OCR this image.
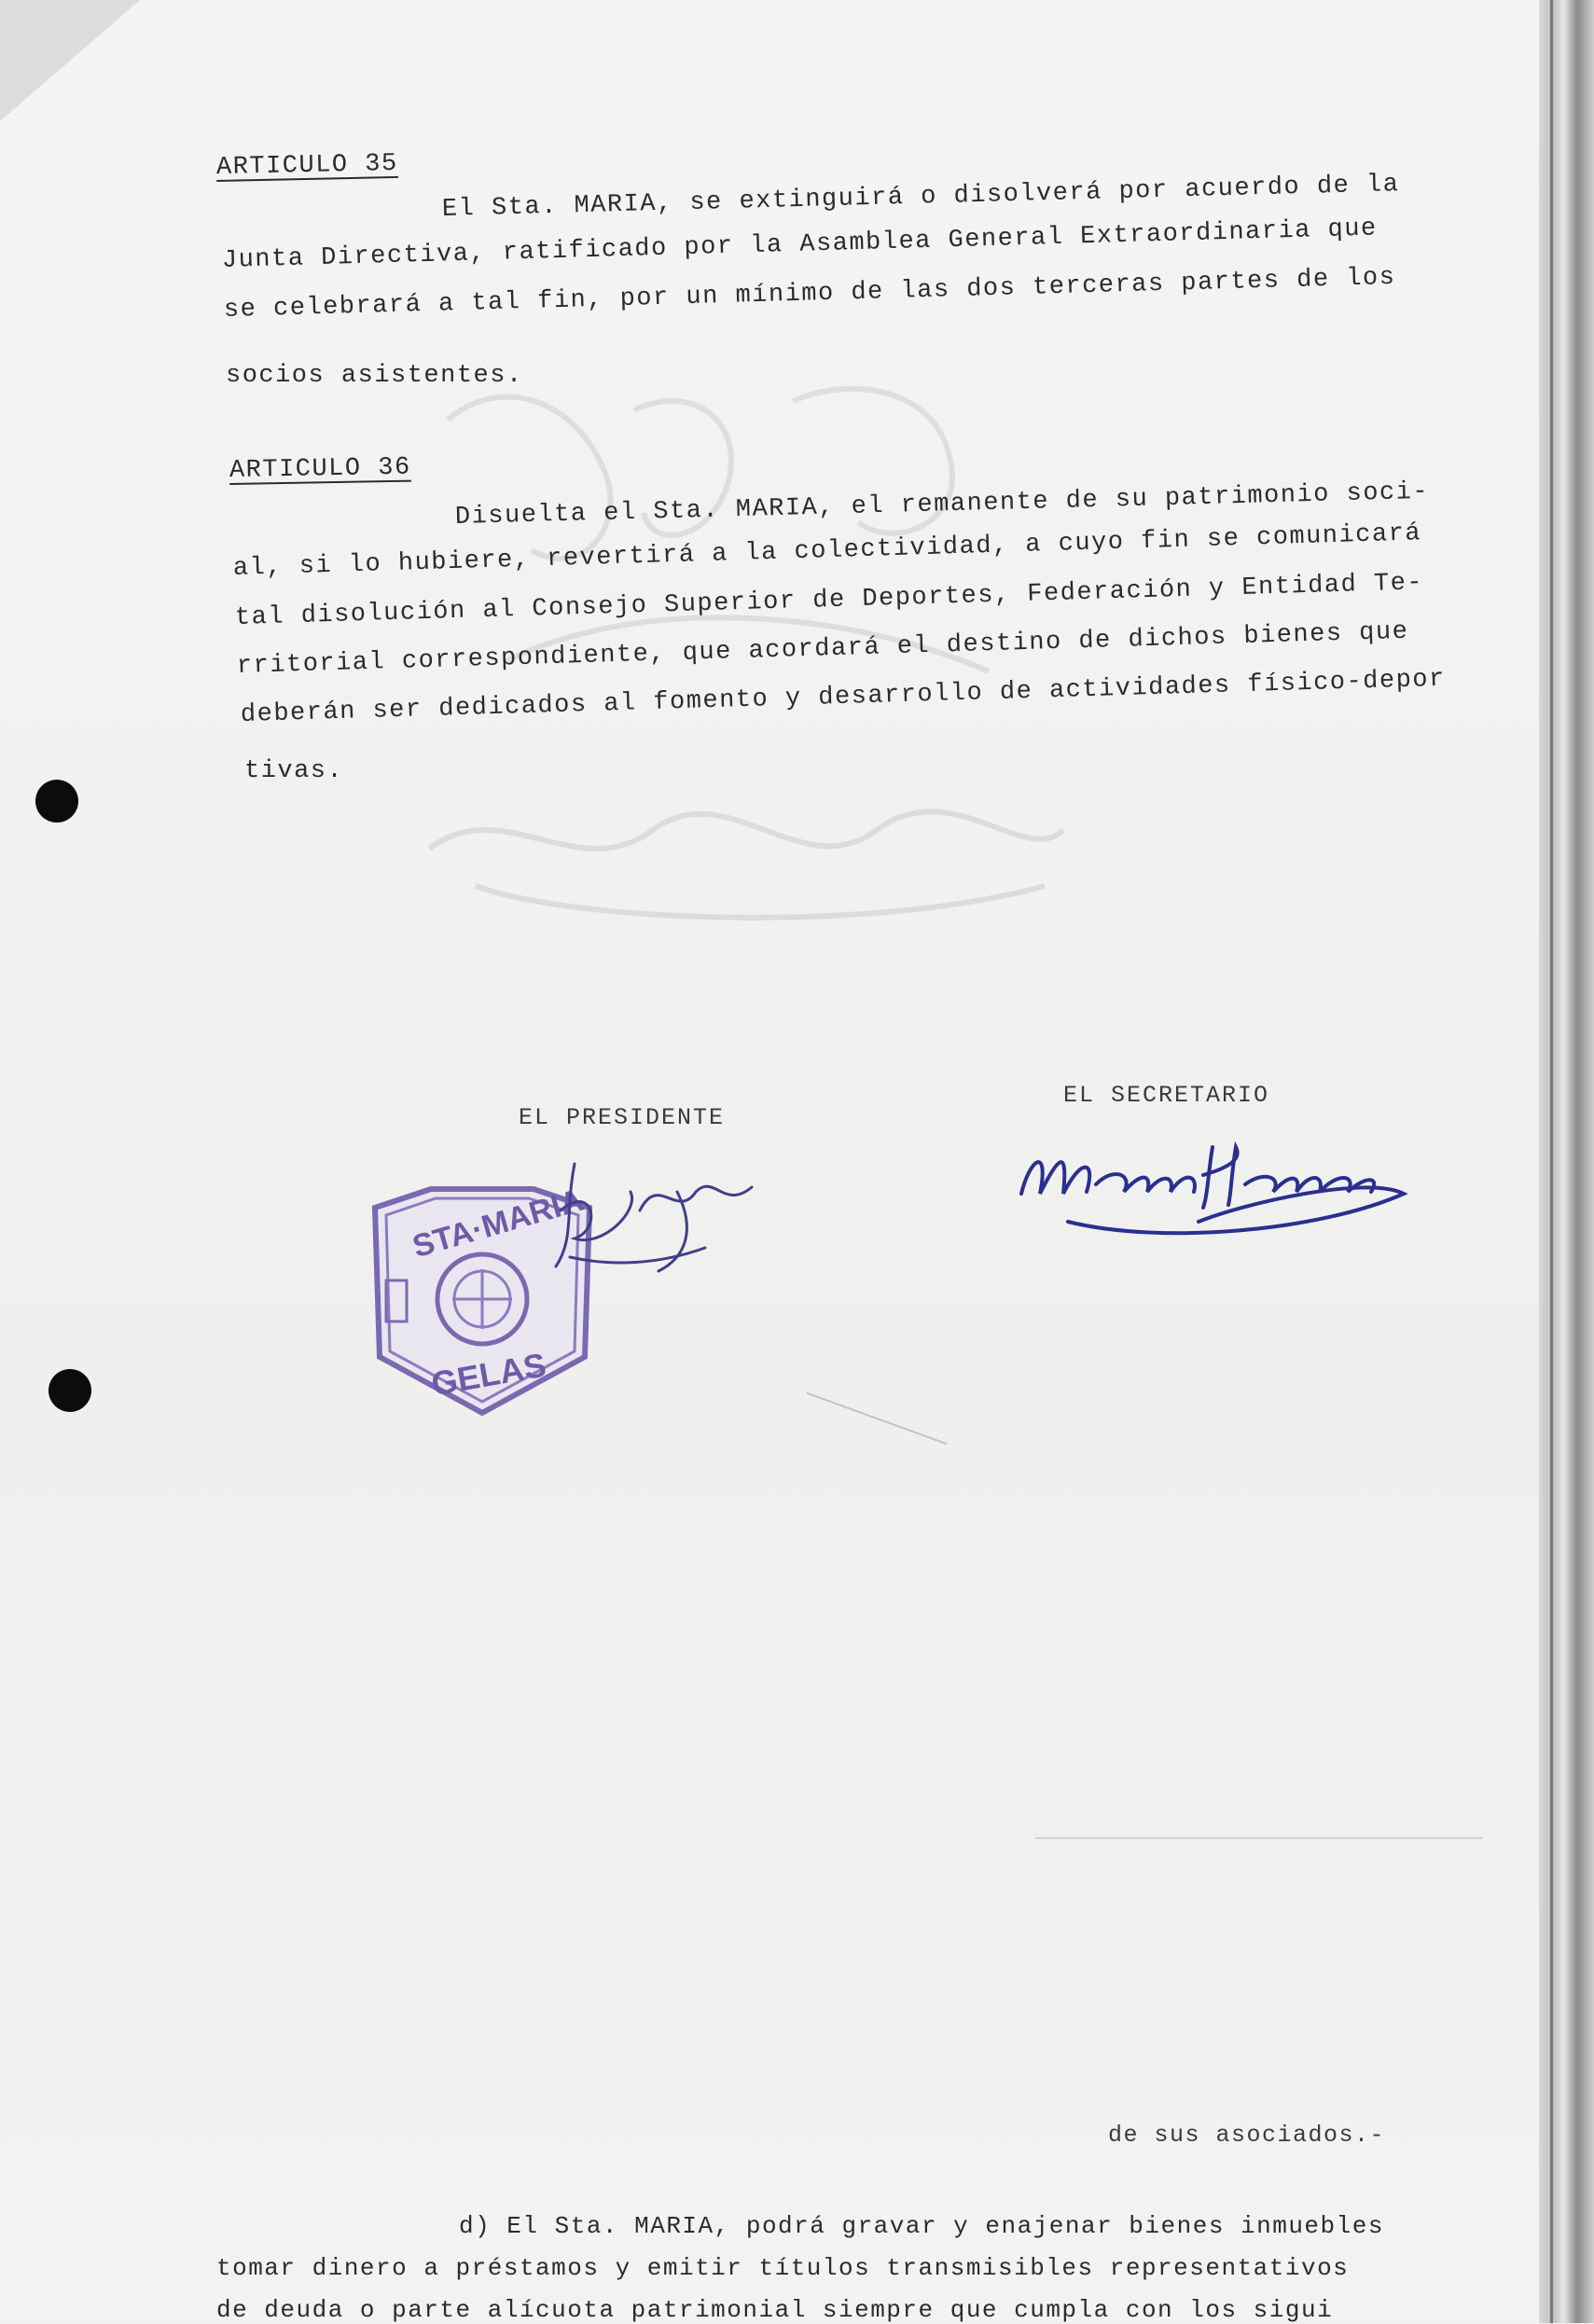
ARTICULO 35
El Sta. MARIA, se extinguirá o disolverá por acuerdo de la
Junta Directiva, ratificado por la Asamblea General Extraordinaria que
se celebrará a tal fin, por un mínimo de las dos terceras partes de los
socios asistentes.
ARTICULO 36
Disuelta el Sta. MARIA, el remanente de su patrimonio soci-
al, si lo hubiere, revertirá a la colectividad, a cuyo fin se comunicará
tal disolución al Consejo Superior de Deportes, Federación y Entidad Te-
rritorial correspondiente, que acordará el destino de dichos bienes que
deberán ser dedicados al fomento y desarrollo de actividades físico-depor
tivas.
EL PRESIDENTE
EL SECRETARIO
STA·MARIA
GELAS
de sus asociados.-
d) El Sta. MARIA, podrá gravar y enajenar bienes inmuebles
tomar dinero a préstamos y emitir títulos transmisibles representativos
de deuda o parte alícuota patrimonial siempre que cumpla con los sigui
